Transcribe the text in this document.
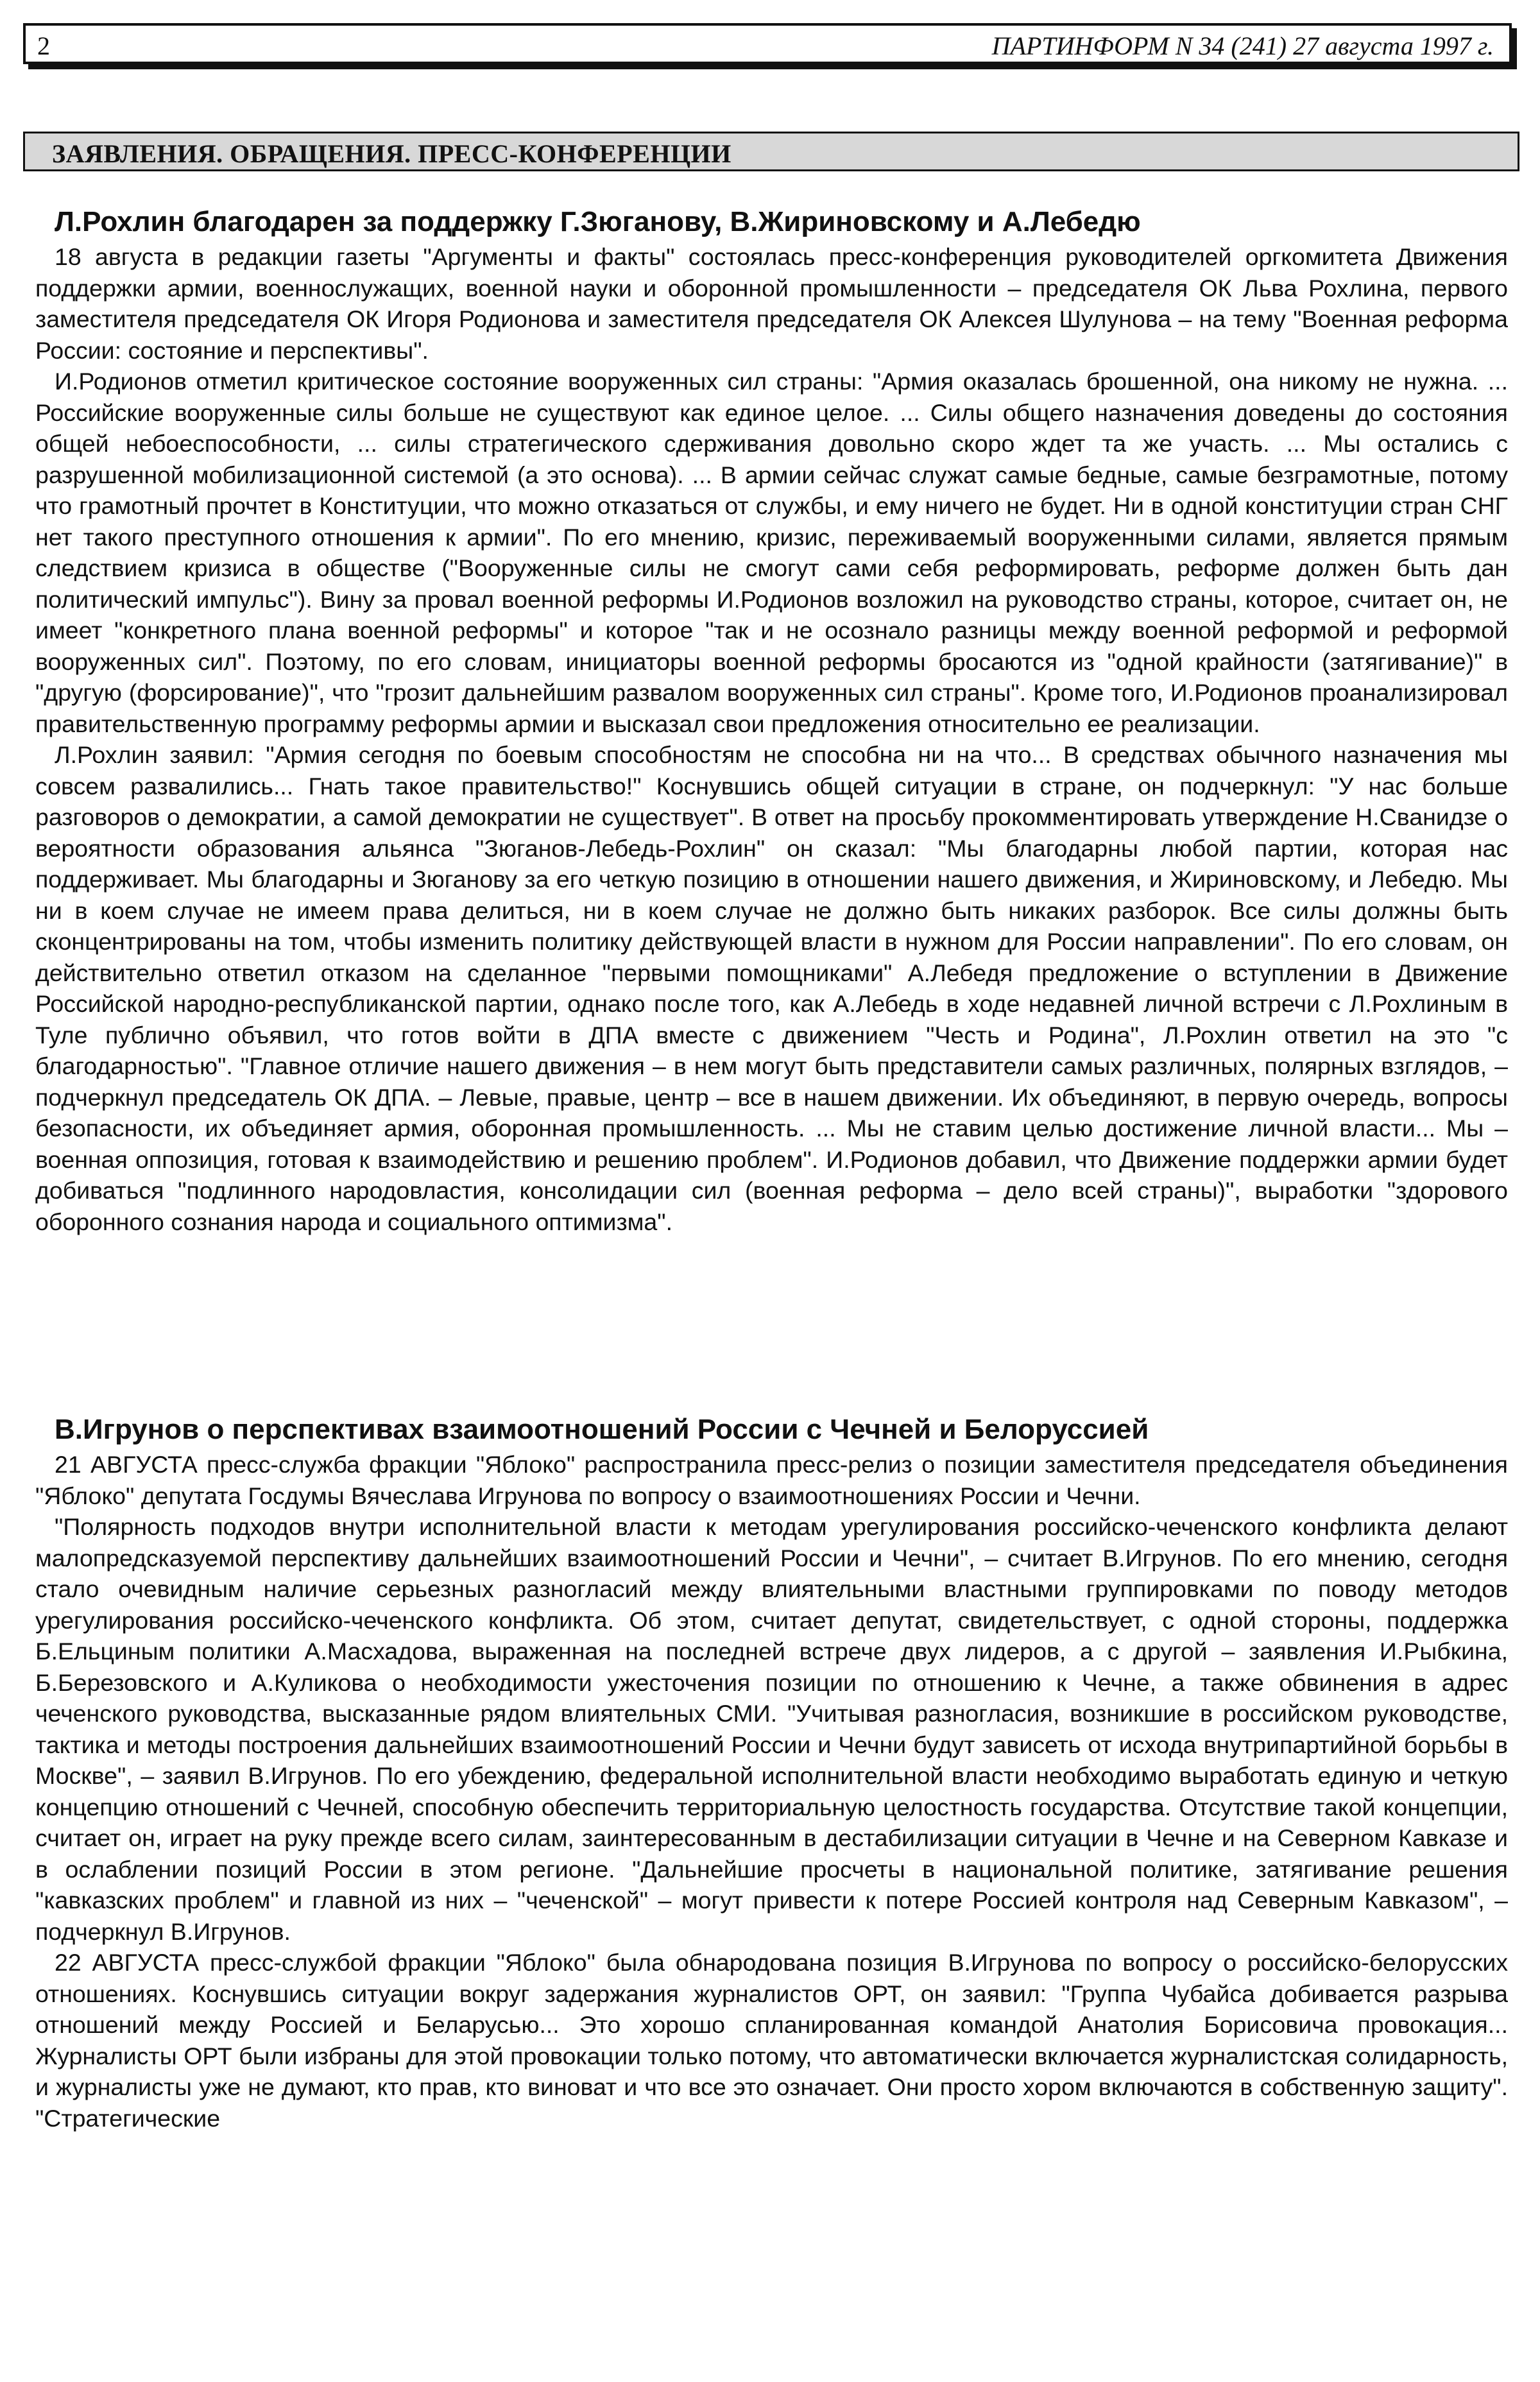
2	ПАРТИНФОРМ N 34 (241) 27 августа 1997 г.
ЗАЯВЛЕНИЯ. ОБРАЩЕНИЯ. ПРЕСС-КОНФЕРЕНЦИИ
Л.Рохлин благодарен за поддержку Г.Зюганову, В.Жириновскому и А.Лебедю

18 августа в редакции газеты "Аргументы и факты" состоялась пресс-конференция руководителей оргкомитета Движения поддержки армии, военнослужащих, военной науки и оборонной промышленности – председателя ОК Льва Рохлина, первого заместителя председателя ОК Игоря Родионова и заместителя председателя ОК Алексея Шулунова – на тему "Военная реформа России: состояние и перспективы".

И.Родионов отметил критическое состояние вооруженных сил страны: "Армия оказалась брошенной, она никому не нужна. ... Российские вооруженные силы больше не существуют как единое целое. ... Силы общего назначения доведены до состояния общей небоеспособности, ... силы стратегического сдерживания довольно скоро ждет та же участь. ... Мы остались с разрушенной мобилизационной системой (а это основа). ... В армии сейчас служат самые бедные, самые безграмотные, потому что грамотный прочтет в Конституции, что можно отказаться от службы, и ему ничего не будет. Ни в одной конституции стран СНГ нет такого преступного отношения к армии". По его мнению, кризис, переживаемый вооруженными силами, является прямым следствием кризиса в обществе ("Вооруженные силы не смогут сами себя реформировать, реформе должен быть дан политический импульс"). Вину за провал военной реформы И.Родионов возложил на руководство страны, которое, считает он, не имеет "конкретного плана военной реформы" и которое "так и не осознало разницы между военной реформой и реформой вооруженных сил". Поэтому, по его словам, инициаторы военной реформы бросаются из "одной крайности (затягивание)" в "другую (форсирование)", что "грозит дальнейшим развалом вооруженных сил страны". Кроме того, И.Родионов проанализировал правительственную программу реформы армии и высказал свои предложения относительно ее реализации.

Л.Рохлин заявил: "Армия сегодня по боевым способностям не способна ни на что... В средствах обычного назначения мы совсем развалились... Гнать такое правительство!" Коснувшись общей ситуации в стране, он подчеркнул: "У нас больше разговоров о демократии, а самой демократии не существует". В ответ на просьбу прокомментировать утверждение Н.Сванидзе о вероятности образования альянса "Зюганов-Лебедь-Рохлин" он сказал: "Мы благодарны любой партии, которая нас поддерживает. Мы благодарны и Зюганову за его четкую позицию в отношении нашего движения, и Жириновскому, и Лебедю. Мы ни в коем случае не имеем права делиться, ни в коем случае не должно быть никаких разборок. Все силы должны быть сконцентрированы на том, чтобы изменить политику действующей власти в нужном для России направлении". По его словам, он действительно ответил отказом на сделанное "первыми помощниками" А.Лебедя предложение о вступлении в Движение Российской народно-республиканской партии, однако после того, как А.Лебедь в ходе недавней личной встречи с Л.Рохлиным в Туле публично объявил, что готов войти в ДПА вместе с движением "Честь и Родина", Л.Рохлин ответил на это "с благодарностью". "Главное отличие нашего движения – в нем могут быть представители самых различных, полярных взглядов, – подчеркнул председатель ОК ДПА. – Левые, правые, центр – все в нашем движении. Их объединяют, в первую очередь, вопросы безопасности, их объединяет армия, оборонная промышленность. ... Мы не ставим целью достижение личной власти... Мы – военная оппозиция, готовая к взаимодействию и решению проблем". И.Родионов добавил, что Движение поддержки армии будет добиваться "подлинного народовластия, консолидации сил (военная реформа – дело всей страны)", выработки "здорового оборонного сознания народа и социального оптимизма".

В.Игрунов о перспективах взаимоотношений России с Чечней и Белоруссией

21 АВГУСТА пресс-служба фракции "Яблоко" распространила пресс-релиз о позиции заместителя председателя объединения "Яблоко" депутата Госдумы Вячеслава Игрунова по вопросу о взаимоотношениях России и Чечни.

"Полярность подходов внутри исполнительной власти к методам урегулирования российско-чеченского конфликта делают малопредсказуемой перспективу дальнейших взаимоотношений России и Чечни", – считает В.Игрунов. По его мнению, сегодня стало очевидным наличие серьезных разногласий между влиятельными властными группировками по поводу методов урегулирования российско-чеченского конфликта. Об этом, считает депутат, свидетельствует, с одной стороны, поддержка Б.Ельциным политики А.Масхадова, выраженная на последней встрече двух лидеров, а с другой – заявления И.Рыбкина, Б.Березовского и А.Куликова о необходимости ужесточения позиции по отношению к Чечне, а также обвинения в адрес чеченского руководства, высказанные рядом влиятельных СМИ. "Учитывая разногласия, возникшие в российском руководстве, тактика и методы построения дальнейших взаимоотношений России и Чечни будут зависеть от исхода внутрипартийной борьбы в Москве", – заявил В.Игрунов. По его убеждению, федеральной исполнительной власти необходимо выработать единую и четкую концепцию отношений с Чечней, способную обеспечить территориальную целостность государства. Отсутствие такой концепции, считает он, играет на руку прежде всего силам, заинтересованным в дестабилизации ситуации в Чечне и на Северном Кавказе и в ослаблении позиций России в этом регионе. "Дальнейшие просчеты в национальной политике, затягивание решения "кавказских проблем" и главной из них – "чеченской" – могут привести к потере Россией контроля над Северным Кавказом", – подчеркнул В.Игрунов.

22 АВГУСТА пресс-службой фракции "Яблоко" была обнародована позиция В.Игрунова по вопросу о российско-белорусских отношениях. Коснувшись ситуации вокруг задержания журналистов ОРТ, он заявил: "Группа Чубайса добивается разрыва отношений между Россией и Беларусью... Это хорошо спланированная командой Анатолия Борисовича провокация... Журналисты ОРТ были избраны для этой провокации только потому, что автоматически включается журналистская солидарность, и журналисты уже не думают, кто прав, кто виноват и что все это означает. Они просто хором включаются в собственную защиту". "Стратегические
